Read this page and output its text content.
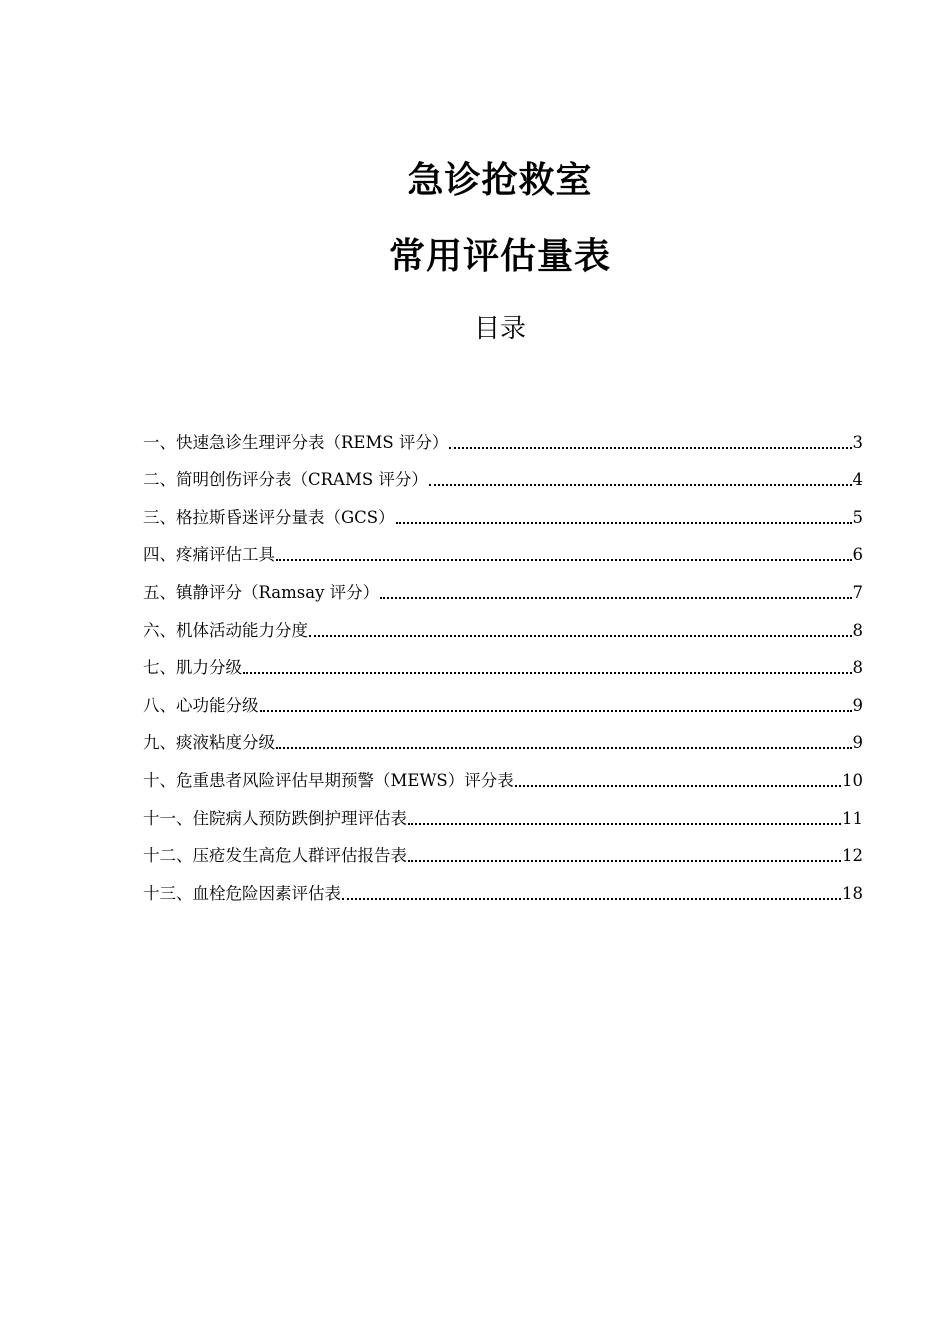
急诊抢救室
常用评估量表
目录
一、快速急诊生理评分表（REMS 评分）	3
二、简明创伤评分表（CRAMS 评分）	4
三、格拉斯昏迷评分量表（GCS）	5
四、疼痛评估工具	6
五、镇静评分（Ramsay 评分）	7
六、机体活动能力分度	8
七、肌力分级	8
八、心功能分级	9
九、痰液粘度分级	9
十、危重患者风险评估早期预警（MEWS）评分表	10
十一、住院病人预防跌倒护理评估表	11
十二、压疮发生高危人群评估报告表	12
十三、血栓危险因素评估表	18
